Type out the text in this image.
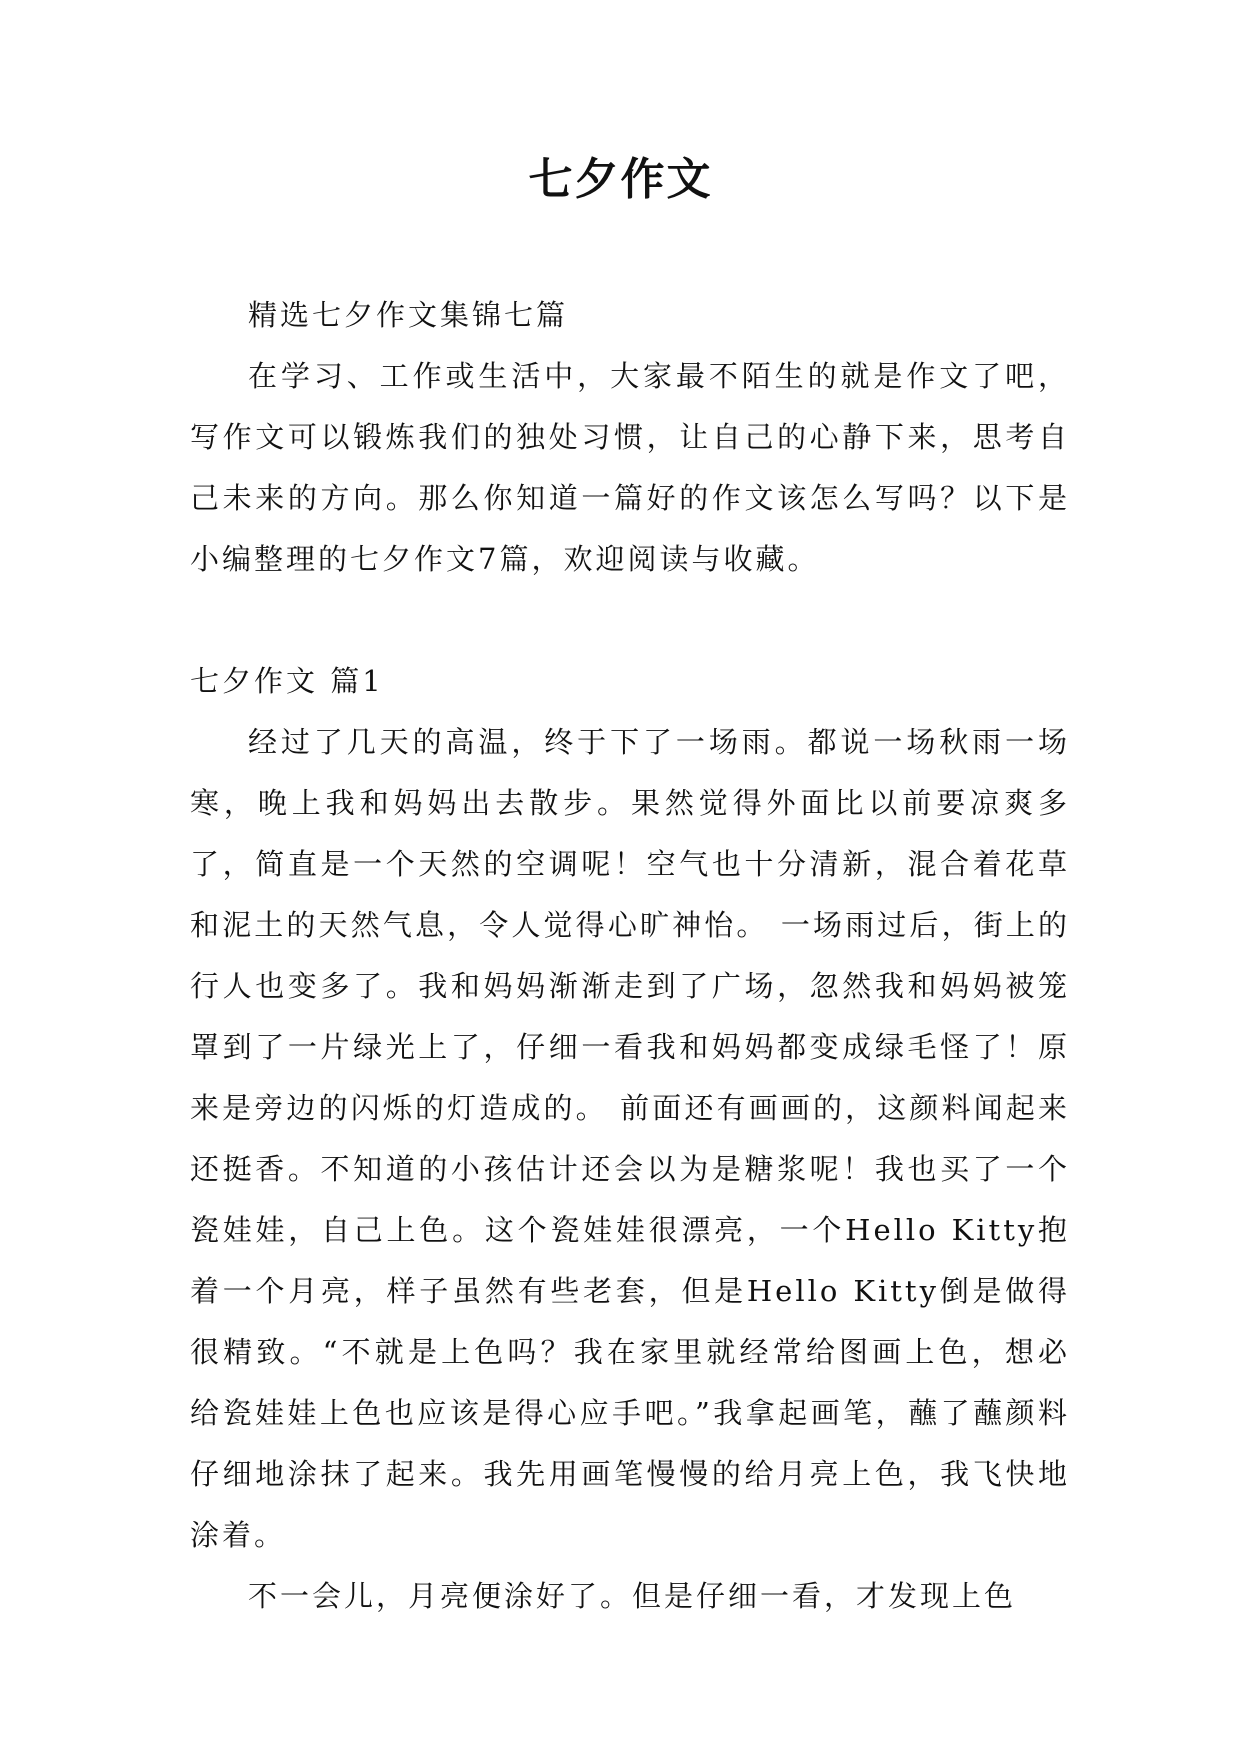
七夕作文

精选七夕作文集锦七篇

在学习、工作或生活中，大家最不陌生的就是作文了吧，写作文可以锻炼我们的独处习惯，让自己的心静下来，思考自己未来的方向。那么你知道一篇好的作文该怎么写吗？以下是小编整理的七夕作文7篇，欢迎阅读与收藏。

七夕作文 篇1

经过了几天的高温，终于下了一场雨。都说一场秋雨一场寒，晚上我和妈妈出去散步。果然觉得外面比以前要凉爽多了，简直是一个天然的空调呢！空气也十分清新，混合着花草和泥土的天然气息，令人觉得心旷神怡。 一场雨过后，街上的行人也变多了。我和妈妈渐渐走到了广场，忽然我和妈妈被笼罩到了一片绿光上了，仔细一看我和妈妈都变成绿毛怪了！原来是旁边的闪烁的灯造成的。 前面还有画画的，这颜料闻起来还挺香。不知道的小孩估计还会以为是糖浆呢！我也买了一个瓷娃娃，自己上色。这个瓷娃娃很漂亮，一个Hello Kitty抱着一个月亮，样子虽然有些老套，但是Hello Kitty倒是做得很精致。“不就是上色吗？我在家里就经常给图画上色，想必给瓷娃娃上色也应该是得心应手吧。”我拿起画笔，蘸了蘸颜料仔细地涂抹了起来。我先用画笔慢慢的给月亮上色，我飞快地涂着。

不一会儿，月亮便涂好了。但是仔细一看，才发现上色
